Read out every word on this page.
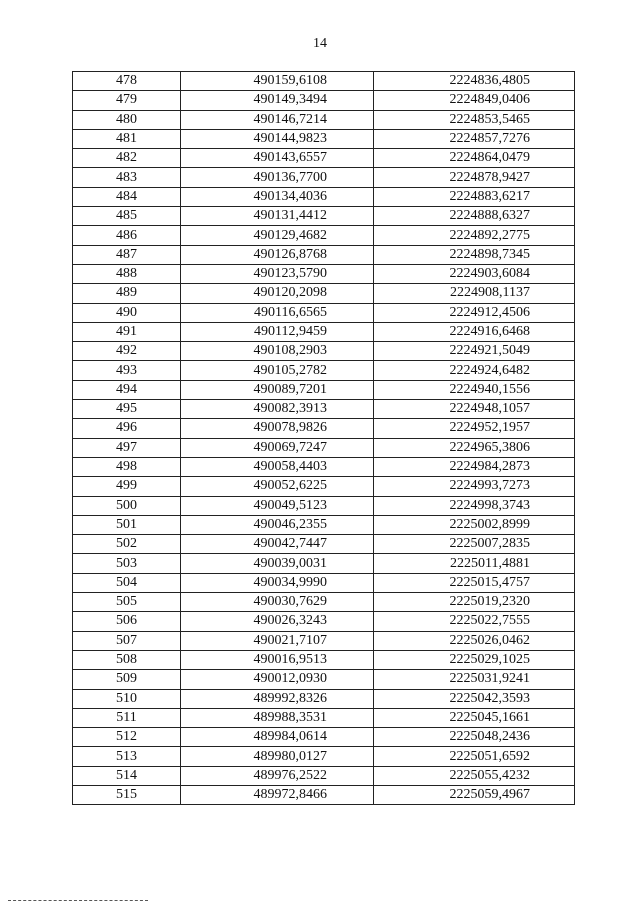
14
478	490159,6108	2224836,4805
479	490149,3494	2224849,0406
480	490146,7214	2224853,5465
481	490144,9823	2224857,7276
482	490143,6557	2224864,0479
483	490136,7700	2224878,9427
484	490134,4036	2224883,6217
485	490131,4412	2224888,6327
486	490129,4682	2224892,2775
487	490126,8768	2224898,7345
488	490123,5790	2224903,6084
489	490120,2098	2224908,1137
490	490116,6565	2224912,4506
491	490112,9459	2224916,6468
492	490108,2903	2224921,5049
493	490105,2782	2224924,6482
494	490089,7201	2224940,1556
495	490082,3913	2224948,1057
496	490078,9826	2224952,1957
497	490069,7247	2224965,3806
498	490058,4403	2224984,2873
499	490052,6225	2224993,7273
500	490049,5123	2224998,3743
501	490046,2355	2225002,8999
502	490042,7447	2225007,2835
503	490039,0031	2225011,4881
504	490034,9990	2225015,4757
505	490030,7629	2225019,2320
506	490026,3243	2225022,7555
507	490021,7107	2225026,0462
508	490016,9513	2225029,1025
509	490012,0930	2225031,9241
510	489992,8326	2225042,3593
511	489988,3531	2225045,1661
512	489984,0614	2225048,2436
513	489980,0127	2225051,6592
514	489976,2522	2225055,4232
515	489972,8466	2225059,4967
